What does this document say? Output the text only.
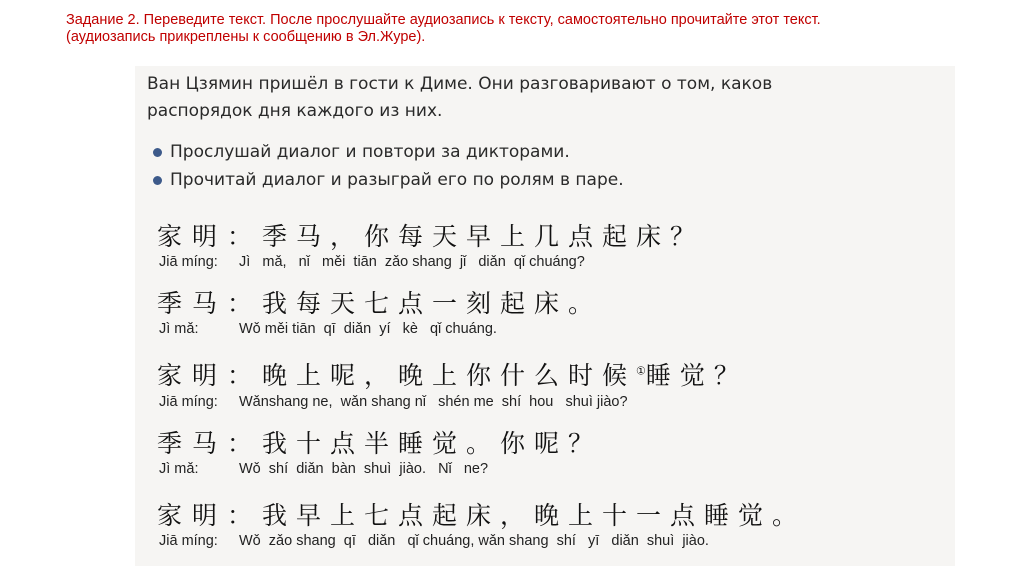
Задание 2. Переведите текст. После прослушайте аудиозапись к тексту, самостоятельно прочитайте этот текст.
(аудиозапись прикреплены к сообщению в Эл.Журе).
Ван Цзямин пришёл в гости к Диме. Они разговаривают о том, каков
распорядок дня каждого из них.
Прослушай диалог и повтори за дикторами.
Прочитай диалог и разыграй его по ролям в паре.
家明：季马，你每天早上几点起床？
Jiā míng: Jì   mǎ,   nǐ   měi  tiān  zǎo shang  jǐ   diǎn  qǐ chuáng?
季马：我每天七点一刻起床。
Jì mǎ:	Wǒ měi tiān  qī  diǎn  yí   kè   qǐ chuáng.
家明：晚上呢，晚上你什么时候①睡觉？
Jiā míng: Wǎnshang ne,  wǎn shang nǐ   shén me  shí  hou   shuì jiào?
季马：我十点半睡觉。你呢？
Jì mǎ:	Wǒ  shí  diǎn  bàn  shuì  jiào.   Nǐ   ne?
家明：我早上七点起床，晚上十一点睡觉。
Jiā míng: Wǒ  zǎo shang  qī   diǎn   qǐ chuáng, wǎn shang  shí   yī   diǎn  shuì  jiào.
